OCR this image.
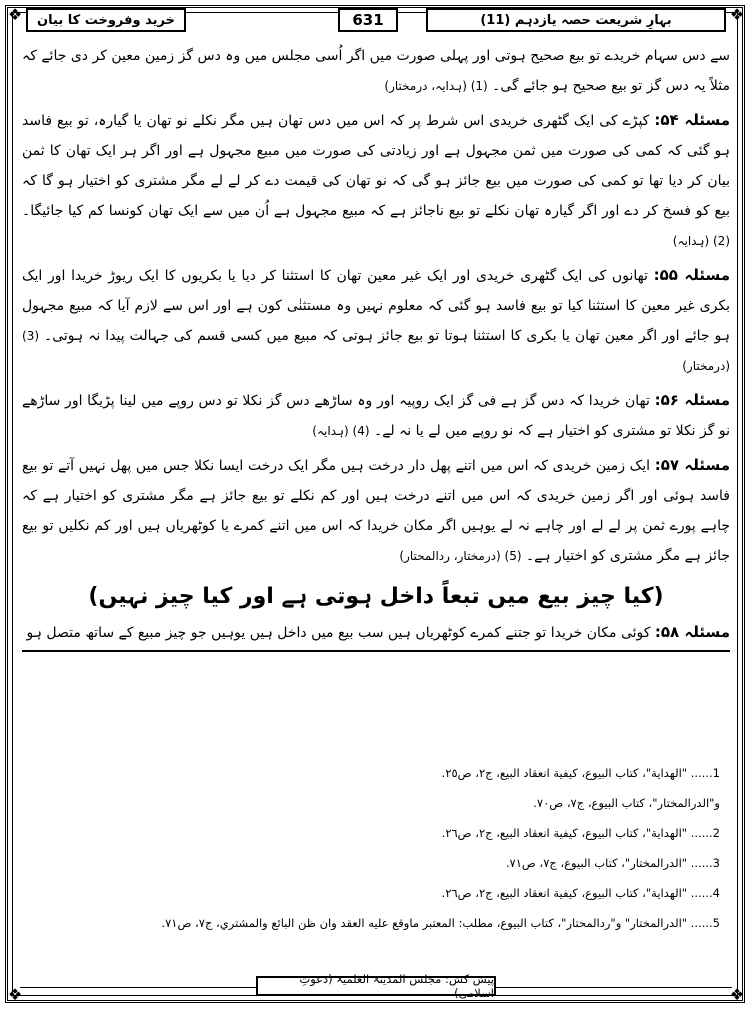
❖	❖
❖	❖
بہارِ شریعت حصہ یازدہم (11)
631
خرید وفروخت کا بیان

سے دس سہام خریدے تو بیع صحیح ہوتی اور پہلی صورت میں اگر اُسی مجلس میں وہ دس گز زمین معین کر دی جائے کہ مثلاً یہ دس گز تو بیع صحیح ہو جائے گی۔ (1) (ہدایہ، درمختار)

مسئلہ ۵۴: کپڑے کی ایک گٹھری خریدی اس شرط پر کہ اس میں دس تھان ہیں مگر نکلے نو تھان یا گیارہ، تو بیع فاسد ہو گئی کہ کمی کی صورت میں ثمن مجہول ہے اور زیادتی کی صورت میں مبیع مجہول ہے اور اگر ہر ایک تھان کا ثمن بیان کر دیا تھا تو کمی کی صورت میں بیع جائز ہو گی کہ نو تھان کی قیمت دے کر لے لے مگر مشتری کو اختیار ہو گا کہ بیع کو فسخ کر دے اور اگر گیارہ تھان نکلے تو بیع ناجائز ہے کہ مبیع مجہول ہے اُن میں سے ایک تھان کونسا کم کیا جائیگا۔ (2) (ہدایہ)

مسئلہ ۵۵: تھانوں کی ایک گٹھری خریدی اور ایک غیر معین تھان کا استثنا کر دیا یا بکریوں کا ایک ریوڑ خریدا اور ایک بکری غیر معین کا استثنا کیا تو بیع فاسد ہو گئی کہ معلوم نہیں وہ مستثنٰی کون ہے اور اس سے لازم آیا کہ مبیع مجہول ہو جائے اور اگر معین تھان یا بکری کا استثنا ہوتا تو بیع جائز ہوتی کہ مبیع میں کسی قسم کی جہالت پیدا نہ ہوتی۔ (3) (درمختار)

مسئلہ ۵۶: تھان خریدا کہ دس گز ہے فی گز ایک روپیہ اور وہ ساڑھے دس گز نکلا تو دس روپے میں لینا پڑیگا اور ساڑھے نو گز نکلا تو مشتری کو اختیار ہے کہ نو روپے میں لے یا نہ لے۔ (4) (ہدایہ)

مسئلہ ۵۷: ایک زمین خریدی کہ اس میں اتنے پھل دار درخت ہیں مگر ایک درخت ایسا نکلا جس میں پھل نہیں آتے تو بیع فاسد ہوئی اور اگر زمین خریدی کہ اس میں اتنے درخت ہیں اور کم نکلے تو بیع جائز ہے مگر مشتری کو اختیار ہے کہ چاہے پورے ثمن پر لے لے اور چاہے نہ لے یوہیں اگر مکان خریدا کہ اس میں اتنے کمرے یا کوٹھریاں ہیں اور کم نکلیں تو بیع جائز ہے مگر مشتری کو اختیار ہے۔ (5) (درمختار، ردالمحتار)

(کیا چیز بیع میں تبعاً داخل ہوتی ہے اور کیا چیز نہیں)

مسئلہ ۵۸: کوئی مکان خریدا تو جتنے کمرے کوٹھریاں ہیں سب بیع میں داخل ہیں یوہیں جو چیز مبیع کے ساتھ متصل ہو

1...... "الهداية"، كتاب البيوع، كيفية انعقاد البيع، ج٢، ص٢٥.

و"الدرالمختار"، كتاب البيوع، ج٧، ص٧٠.

2...... "الهداية"، كتاب البيوع، كيفية انعقاد البيع، ج٢، ص٢٦.

3...... "الدرالمختار"، كتاب البيوع، ج٧، ص٧١.

4...... "الهداية"، كتاب البيوع، كيفية انعقاد البيع، ج٢، ص٢٦.

5...... "الدرالمختار" و"ردالمحتار"، كتاب البيوع، مطلب: المعتبر ماوقع عليه العقد وان ظن البائع والمشتري، ج٧، ص٧١.

پیش کش: مجلس المدینۃ العلمیۃ (دعوتِ اسلامی)
